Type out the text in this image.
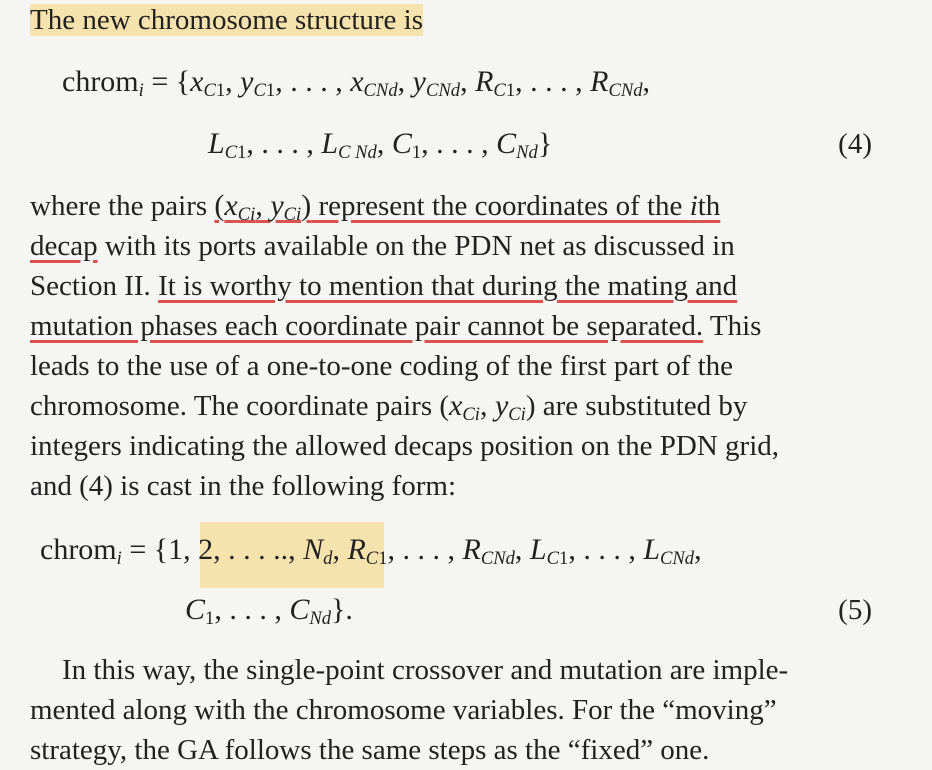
The new chromosome structure is
chrom$_i$ = {$x_{C1}$, $y_{C1}$, . . . , $x_{CNd}$, $y_{CNd}$, $R_{C1}$, . . . , $R_{CNd}$,
$L_{C1}$, . . . , $L_{C Nd}$, $C_1$, . . . , $C_{Nd}$}	(4)
where the pairs ($x_{Ci}$, $y_{Ci}$) represent the coordinates of the ith
decap with its ports available on the PDN net as discussed in
Section II. It is worthy to mention that during the mating and
mutation phases each coordinate pair cannot be separated. This
leads to the use of a one-to-one coding of the first part of the
chromosome. The coordinate pairs ($x_{Ci}$, $y_{Ci}$) are substituted by
integers indicating the allowed decaps position on the PDN grid,
and (4) is cast in the following form:
chrom$_i$ = {1, 2, . . . .., $N_d$, $R_{C1}$, . . . , $R_{CNd}$, $L_{C1}$, . . . , $L_{CNd}$,
$C_1$, . . . , $C_{Nd}$}.	(5)
In this way, the single-point crossover and mutation are imple-
mented along with the chromosome variables. For the “moving”
strategy, the GA follows the same steps as the “fixed” one.
